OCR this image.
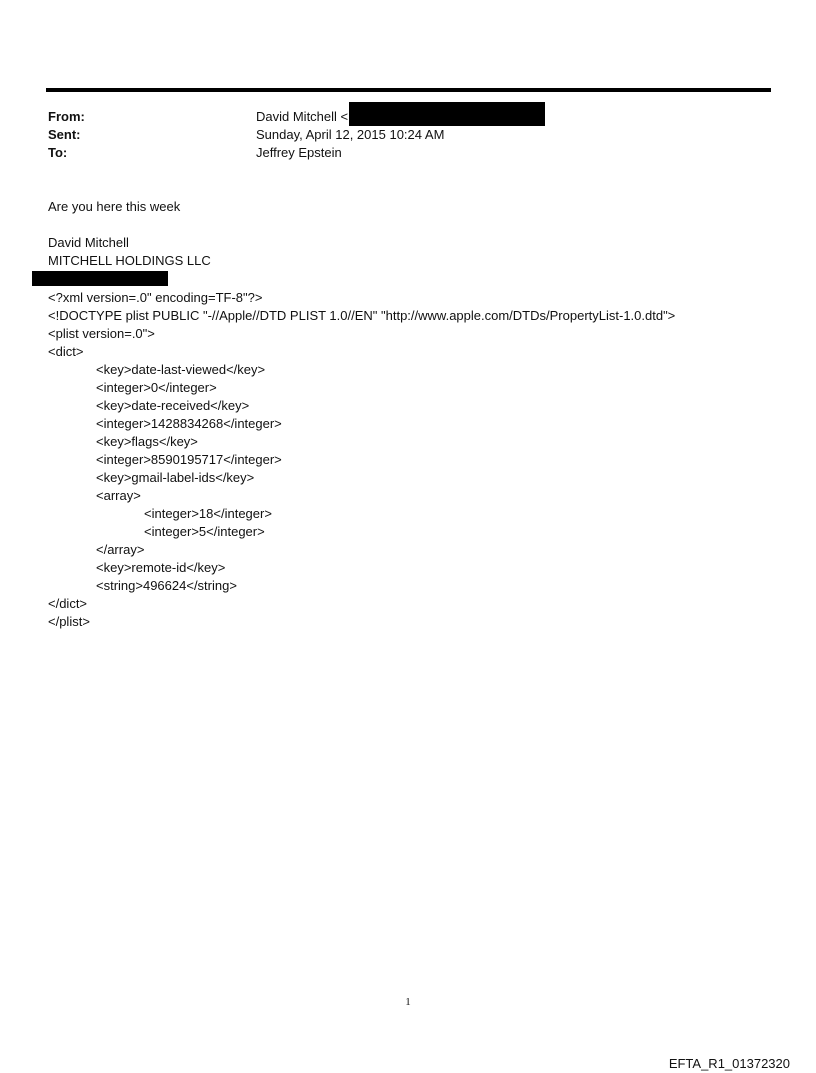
From:	David Mitchell <
Sent:	Sunday, April 12, 2015 10:24 AM
To:	Jeffrey Epstein
Are you here this week
David Mitchell
MITCHELL HOLDINGS LLC
<?xml version=.0" encoding=TF-8"?>
<!DOCTYPE plist PUBLIC "-//Apple//DTD PLIST 1.0//EN" "http://www.apple.com/DTDs/PropertyList-1.0.dtd">
<plist version=.0">
<dict>
<key>date-last-viewed</key>
<integer>0</integer>
<key>date-received</key>
<integer>1428834268</integer>
<key>flags</key>
<integer>8590195717</integer>
<key>gmail-label-ids</key>
<array>
<integer>18</integer>
<integer>5</integer>
</array>
<key>remote-id</key>
<string>496624</string>
</dict>
</plist>
1
EFTA_R1_01372320
